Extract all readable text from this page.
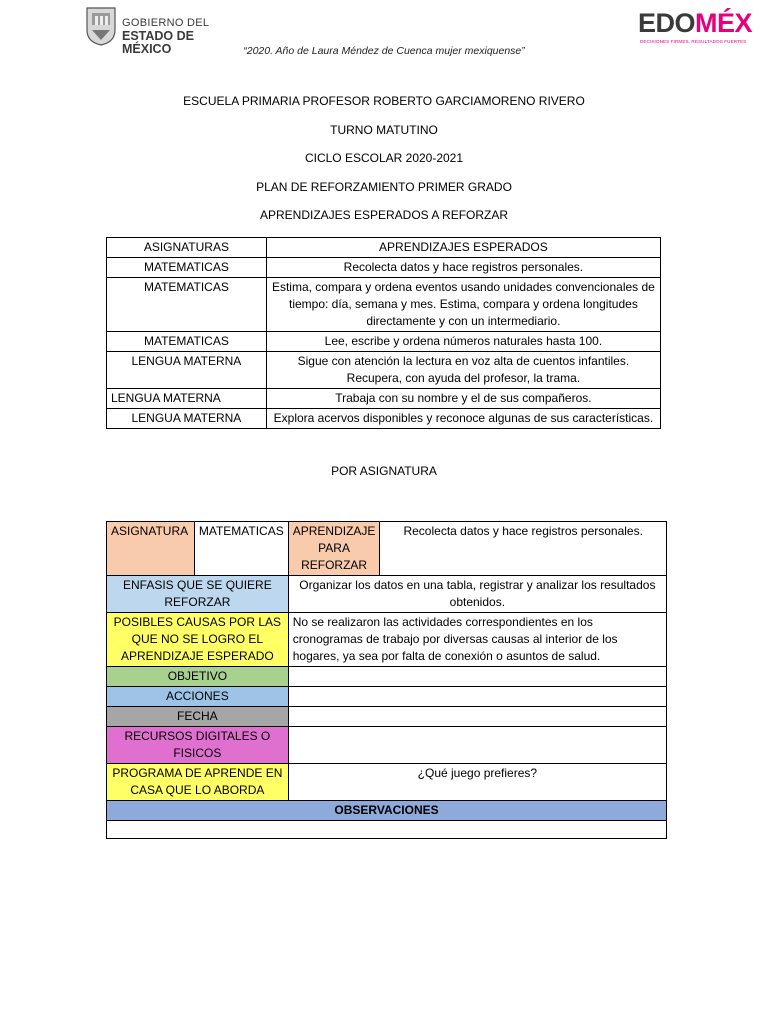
GOBIERNO DEL
ESTADO DE MÉXICO
EDOMÉX
DECISIONES FIRMES, RESULTADOS FUERTES
“2020. Año de Laura Méndez de Cuenca mujer mexiquense”
ESCUELA PRIMARIA PROFESOR ROBERTO GARCIAMORENO RIVERO
TURNO MATUTINO
CICLO ESCOLAR 2020-2021
PLAN DE REFORZAMIENTO PRIMER GRADO
APRENDIZAJES ESPERADOS A REFORZAR
ASIGNATURAS	APRENDIZAJES ESPERADOS
MATEMATICAS	Recolecta datos y hace registros personales.
MATEMATICAS	Estima, compara y ordena eventos usando unidades convencionales de tiempo: día, semana y mes. Estima, compara y ordena longitudes directamente y con un intermediario.
MATEMATICAS	Lee, escribe y ordena números naturales hasta 100.
LENGUA MATERNA	Sigue con atención la lectura en voz alta de cuentos infantiles. Recupera, con ayuda del profesor, la trama.
LENGUA MATERNA	Trabaja con su nombre y el de sus compañeros.
LENGUA MATERNA	Explora acervos disponibles y reconoce algunas de sus características.
POR ASIGNATURA
ASIGNATURA	MATEMATICAS	APRENDIZAJE PARA REFORZAR	Recolecta datos y hace registros personales.
ENFASIS QUE SE QUIERE REFORZAR		Organizar los datos en una tabla, registrar y analizar los resultados obtenidos.	
POSIBLES CAUSAS POR LAS QUE NO SE LOGRO EL APRENDIZAJE ESPERADO		No se realizaron las actividades correspondientes en los cronogramas de trabajo por diversas causas al interior de los hogares, ya sea por falta de conexión o asuntos de salud.	
OBJETIVO			
ACCIONES			
FECHA			
RECURSOS DIGITALES O FISICOS			
PROGRAMA DE APRENDE EN CASA QUE LO ABORDA		¿Qué juego prefieres?	
OBSERVACIONES			
